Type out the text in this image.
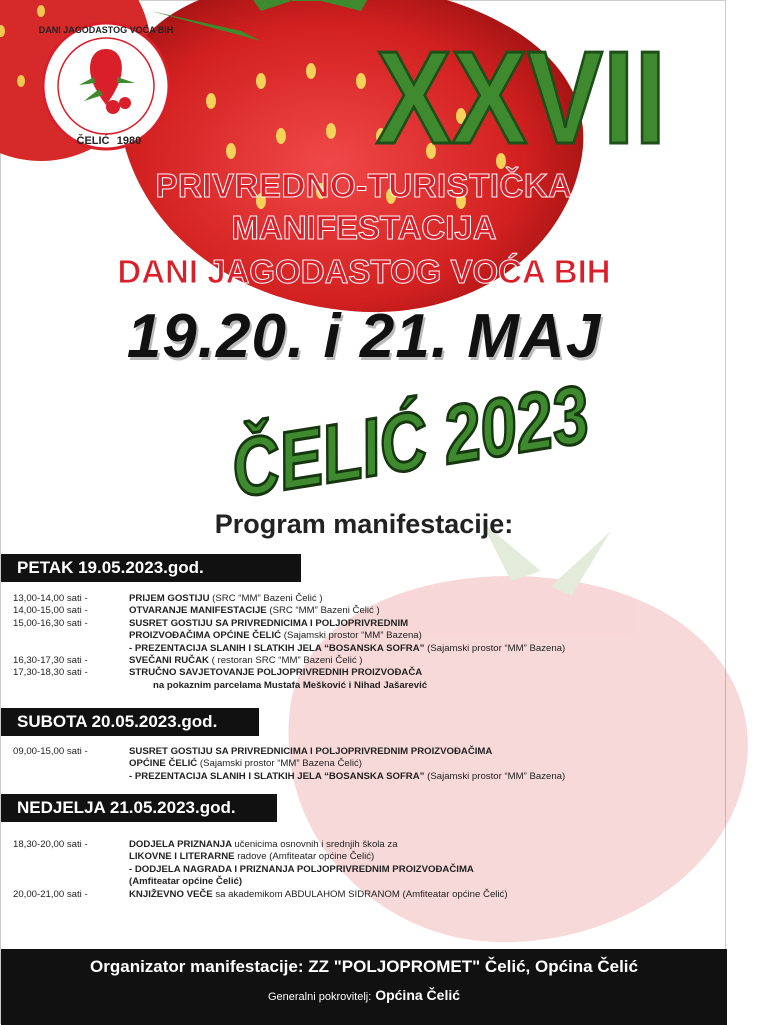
DANI JAGODASTOG VOĆA BiH
ČELIĆ 1980 XXVII
PRIVREDNO-TURISTIČKA
MANIFESTACIJA
DANI JAGODASTOG VOĆA BIH
19.20. i 21. MAJ
ČELIĆ 2023
Program manifestacije:
PETAK 19.05.2023.god.
13,00-14,00 sati -	PRIJEM GOSTIJU (SRC “MM” Bazeni Čelić )
14,00-15,00 sati -	OTVARANJE MANIFESTACIJE (SRC “MM” Bazeni Čelić )
15,00-16,30 sati -	SUSRET GOSTIJU SA PRIVREDNICIMA I POLJOPRIVREDNIM
PROIZVOĐAČIMA OPĆINE ČELIĆ (Sajamski prostor “MM” Bazena)
- PREZENTACIJA SLANIH I SLATKIH JELA “BOSANSKA SOFRA” (Sajamski prostor “MM” Bazena)
16,30-17,30 sati -	SVEČANI RUČAK ( restoran SRC “MM” Bazeni Čelić )
17,30-18,30 sati -	STRUČNO SAVJETOVANJE POLJOPRIVREDNIH PROIZVOĐAČA
na pokaznim parcelama Mustafa Mešković i Nihad Jašarević
SUBOTA 20.05.2023.god.
09,00-15,00 sati -	SUSRET GOSTIJU SA PRIVREDNICIMA I POLJOPRIVREDNIM PROIZVOĐAČIMA
OPĆINE ČELIĆ (Sajamski prostor “MM” Bazena Čelić)
- PREZENTACIJA SLANIH I SLATKIH JELA “BOSANSKA SOFRA” (Sajamski prostor “MM” Bazena)
NEDJELJA 21.05.2023.god.
18,30-20,00 sati -	DODJELA PRIZNANJA učenicima osnovnih i srednjih škola za
LIKOVNE I LITERARNE radove (Amfiteatar općine Čelić)
- DODJELA NAGRADA I PRIZNANJA POLJOPRIVREDNIM PROIZVOĐAČIMA
(Amfiteatar općine Čelić)
20,00-21,00 sati -	KNJIŽEVNO VEČE sa akademikom ABDULAHOM SIDRANOM (Amfiteatar općine Čelić)
Organizator manifestacije: ZZ "POLJOPROMET" Čelić, Općina Čelić
Generalni pokrovitelj: Općina Čelić
